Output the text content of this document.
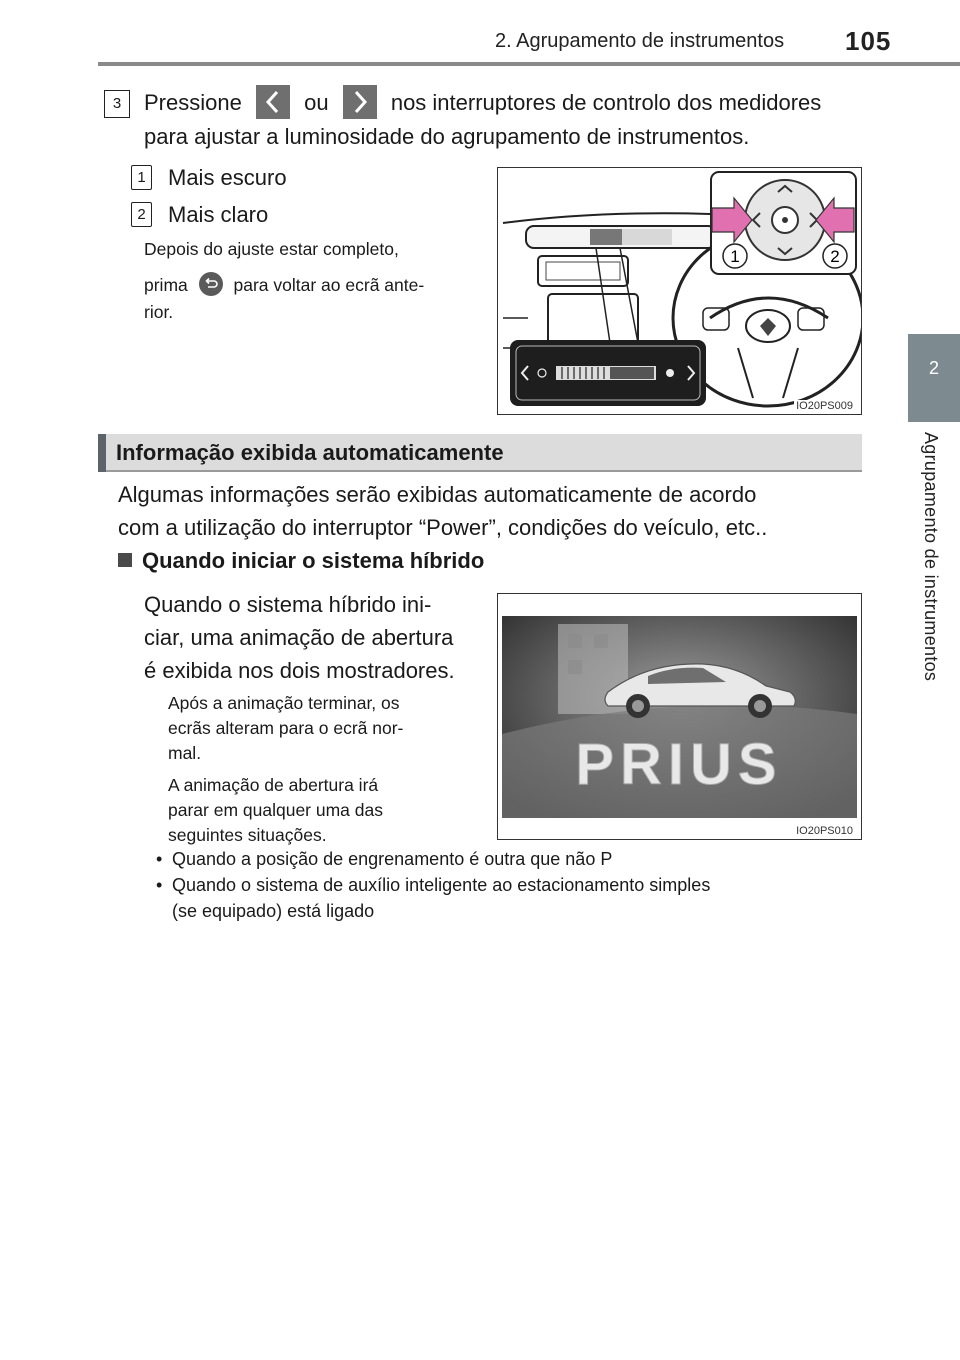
2. Agrupamento de instrumentos 105
2
Agrupamento de instrumentos
3	Pressione	ou	nos interruptores de controlo dos medidores
para ajustar a luminosidade do agrupamento de instrumentos.
1 Mais escuro
2 Mais claro
Depois do ajuste estar completo,
prima	para voltar ao ecrã ante-
rior.
1	2
IO20PS009
Informação exibida automaticamente
Algumas informações serão exibidas automaticamente de acordo
com a utilização do interruptor “Power”, condições do veículo, etc..
Quando iniciar o sistema híbrido
Quando o sistema híbrido ini-
ciar, uma animação de abertura
é exibida nos dois mostradores.
Após a animação terminar, os
ecrãs alteram para o ecrã nor-
mal.
A animação de abertura irá
parar em qualquer uma das
seguintes situações.
• Quando a posição de engrenamento é outra que não P
• Quando o sistema de auxílio inteligente ao estacionamento simples
(se equipado) está ligado
PRIUS
IO20PS010
